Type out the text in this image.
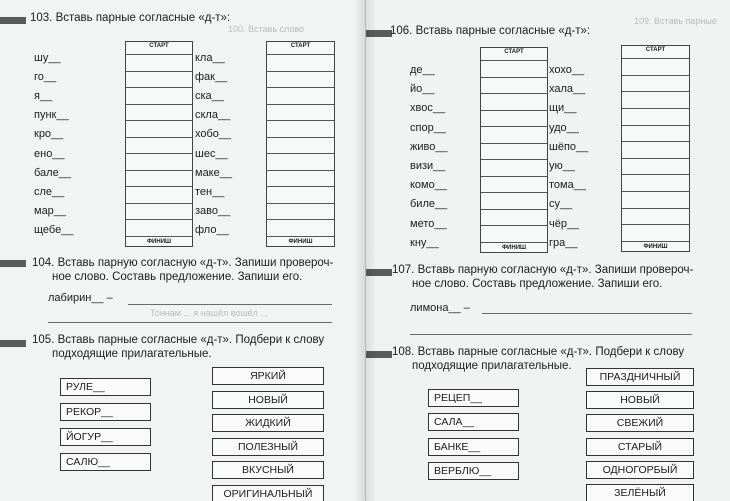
103. Вставь парные согласные «д-т»:
100. Вставь слово
СТАРТ
ФИНИШ
СТАРТ
ФИНИШ
шу__
го__
я__
пунк__
кро__
ено__
бале__
сле__
мар__
щебе__
кла__
фак__
ска__
скла__
хобо__
шес__
маке__
тен__
заво__
фло__
104. Вставь парную согласную «д-т». Запиши провероч-
ное слово. Составь предложение. Запиши его.
лабирин__ –
Тоннам ... я нашёл вошёл ...
105. Вставь парные согласные «д-т». Подбери к слову
подходящие прилагательные.
РУЛЕ__
РЕКОР__
ЙОГУР__
САЛЮ__
ЯРКИЙ
НОВЫЙ
ЖИДКИЙ
ПОЛЕЗНЫЙ
ВКУСНЫЙ
ОРИГИНАЛЬНЫЙ
109. Вставь парные
106. Вставь парные согласные «д-т»:
СТАРТ
ФИНИШ
СТАРТ
ФИНИШ
де__
йо__
хвос__
спор__
живо__
визи__
комо__
биле__
мето__
кну__
хохо__
хала__
щи__
удо__
шёпо__
ую__
тома__
су__
чёр__
гра__
107. Вставь парную согласную «д-т». Запиши провероч-
ное слово. Составь предложение. Запиши его.
лимона__ –
108. Вставь парные согласные «д-т». Подбери к слову
подходящие прилагательные.
РЕЦЕП__
САЛА__
БАНКЕ__
ВЕРБЛЮ__
ПРАЗДНИЧНЫЙ
НОВЫЙ
СВЕЖИЙ
СТАРЫЙ
ОДНОГОРБЫЙ
ЗЕЛЁНЫЙ
